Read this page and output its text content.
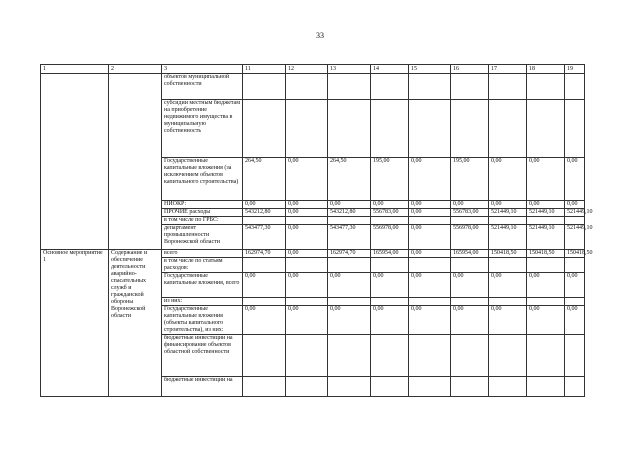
33
1	2	3	11	12	13	14	15	16	17	18	19
		объектов муниципальной собственности									
		субсидии местным бюджетам на приобретение недвижимого имущества в муниципальную собственность									
		Государственные капитальные вложения (за исключением объектов капитального строительства)	264,50	0,00	264,50	195,00	0,00	195,00	0,00	0,00	0,00
		НИОКР:	0,00	0,00	0,00	0,00	0,00	0,00	0,00	0,00	0,00
		ПРОЧИЕ расходы	543212,80	0,00	543212,80	556783,00	0,00	556783,00	521449,10	521449,10	521449,10
		в том числе по ГРБС:									
		департамент промышленности Воронежской области	543477,30	0,00	543477,30	556978,00	0,00	556978,00	521449,10	521449,10	521449,10
Основное мероприятие 1	Содержание и обеспечение деятельности аварийно-спасательных служб и гражданской обороны Воронежской области	всего	162974,70	0,00	162974,70	165954,00	0,00	165954,00	150418,50	150418,50	150418,50
		в том числе по статьям расходов:									
		Государственные капитальные вложения, всего	0,00	0,00	0,00	0,00	0,00	0,00	0,00	0,00	0,00
		из них:									
		Государственные капитальные вложения (объекты капитального строительства), из них:	0,00	0,00	0,00	0,00	0,00	0,00	0,00	0,00	0,00
		бюджетные инвестиции на финансирование объектов областной собственности									
		бюджетные инвестиции на									
